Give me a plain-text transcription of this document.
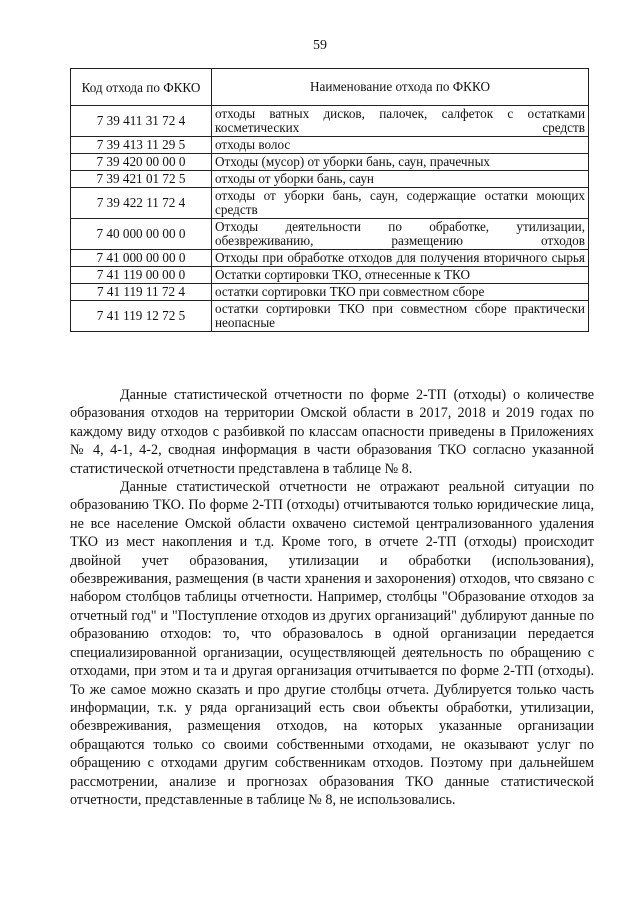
59
Код отхода по ФККО	Наименование отхода по ФККО
7 39 411 31 72 4	отходы ватных дисков, палочек, салфеток с остатками косметических средств
7 39 413 11 29 5	отходы волос
7 39 420 00 00 0	Отходы (мусор) от уборки бань, саун, прачечных
7 39 421 01 72 5	отходы от уборки бань, саун
7 39 422 11 72 4	отходы от уборки бань, саун, содержащие остатки моющих средств
7 40 000 00 00 0	Отходы деятельности по обработке, утилизации, обезвреживанию, размещению отходов
7 41 000 00 00 0	Отходы при обработке отходов для получения вторичного сырья
7 41 119 00 00 0	Остатки сортировки ТКО, отнесенные к ТКО
7 41 119 11 72 4	остатки сортировки ТКО при совместном сборе
7 41 119 12 72 5	остатки сортировки ТКО при совместном сборе практически неопасные

Данные статистической отчетности по форме 2-ТП (отходы) о количестве образования отходов на территории Омской области в 2017, 2018 и 2019 годах по каждому виду отходов с разбивкой по классам опасности приведены в Приложениях № 4, 4-1, 4-2, сводная информация в части образования ТКО согласно указанной статистической отчетности представлена в таблице № 8.

Данные статистической отчетности не отражают реальной ситуации по образованию ТКО. По форме 2-ТП (отходы) отчитываются только юридические лица, не все население Омской области охвачено системой централизованного удаления ТКО из мест накопления и т.д. Кроме того, в отчете 2-ТП (отходы) происходит двойной учет образования, утилизации и обработки (использования), обезвреживания, размещения (в части хранения и захоронения) отходов, что связано с набором столбцов таблицы отчетности. Например, столбцы "Образование отходов за отчетный год" и "Поступление отходов из других организаций" дублируют данные по образованию отходов: то, что образовалось в одной организации передается специализированной организации, осуществляющей деятельность по обращению с отходами, при этом и та и другая организация отчитывается по форме 2-ТП (отходы). То же самое можно сказать и про другие столбцы отчета. Дублируется только часть информации, т.к. у ряда организаций есть свои объекты обработки, утилизации, обезвреживания, размещения отходов, на которых указанные организации обращаются только со своими собственными отходами, не оказывают услуг по обращению с отходами другим собственникам отходов. Поэтому при дальнейшем рассмотрении, анализе и прогнозах образования ТКО данные статистической отчетности, представленные в таблице № 8, не использовались.
